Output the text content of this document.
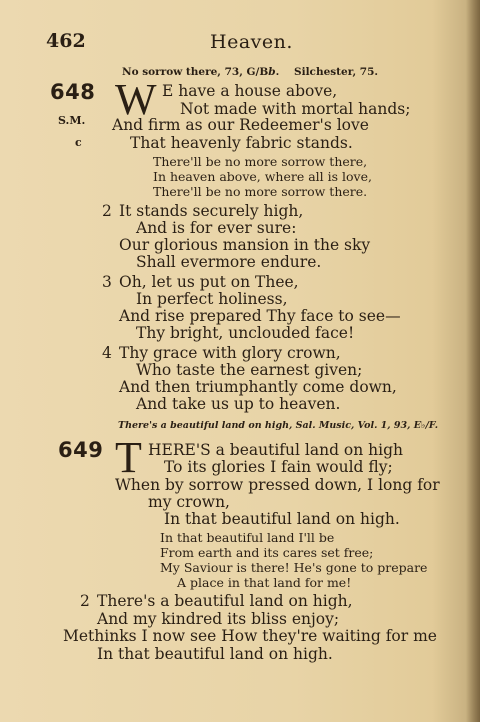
462	Heaven.
No sorrow there, 73, G/Bb. Silchester, 75.
648
S.M.
c
W E have a house above,
Not made with mortal hands;
And firm as our Redeemer's love
That heavenly fabric stands.
There'll be no more sorrow there,
In heaven above, where all is love,
There'll be no more sorrow there.
2 It stands securely high,
And is for ever sure:
Our glorious mansion in the sky
Shall evermore endure.
3 Oh, let us put on Thee,
In perfect holiness,
And rise prepared Thy face to see—
Thy bright, unclouded face!
4 Thy grace with glory crown,
Who taste the earnest given;
And then triumphantly come down,
And take us up to heaven.
There's a beautiful land on high, Sal. Music, Vol. 1, 93, E♭/F.
649 T HERE'S a beautiful land on high
To its glories I fain would fly;
When by sorrow pressed down, I long for
my crown,
In that beautiful land on high.
In that beautiful land I'll be
From earth and its cares set free;
My Saviour is there! He's gone to prepare
A place in that land for me!
2 There's a beautiful land on high,
And my kindred its bliss enjoy;
Methinks I now see How they're waiting for me
In that beautiful land on high.
